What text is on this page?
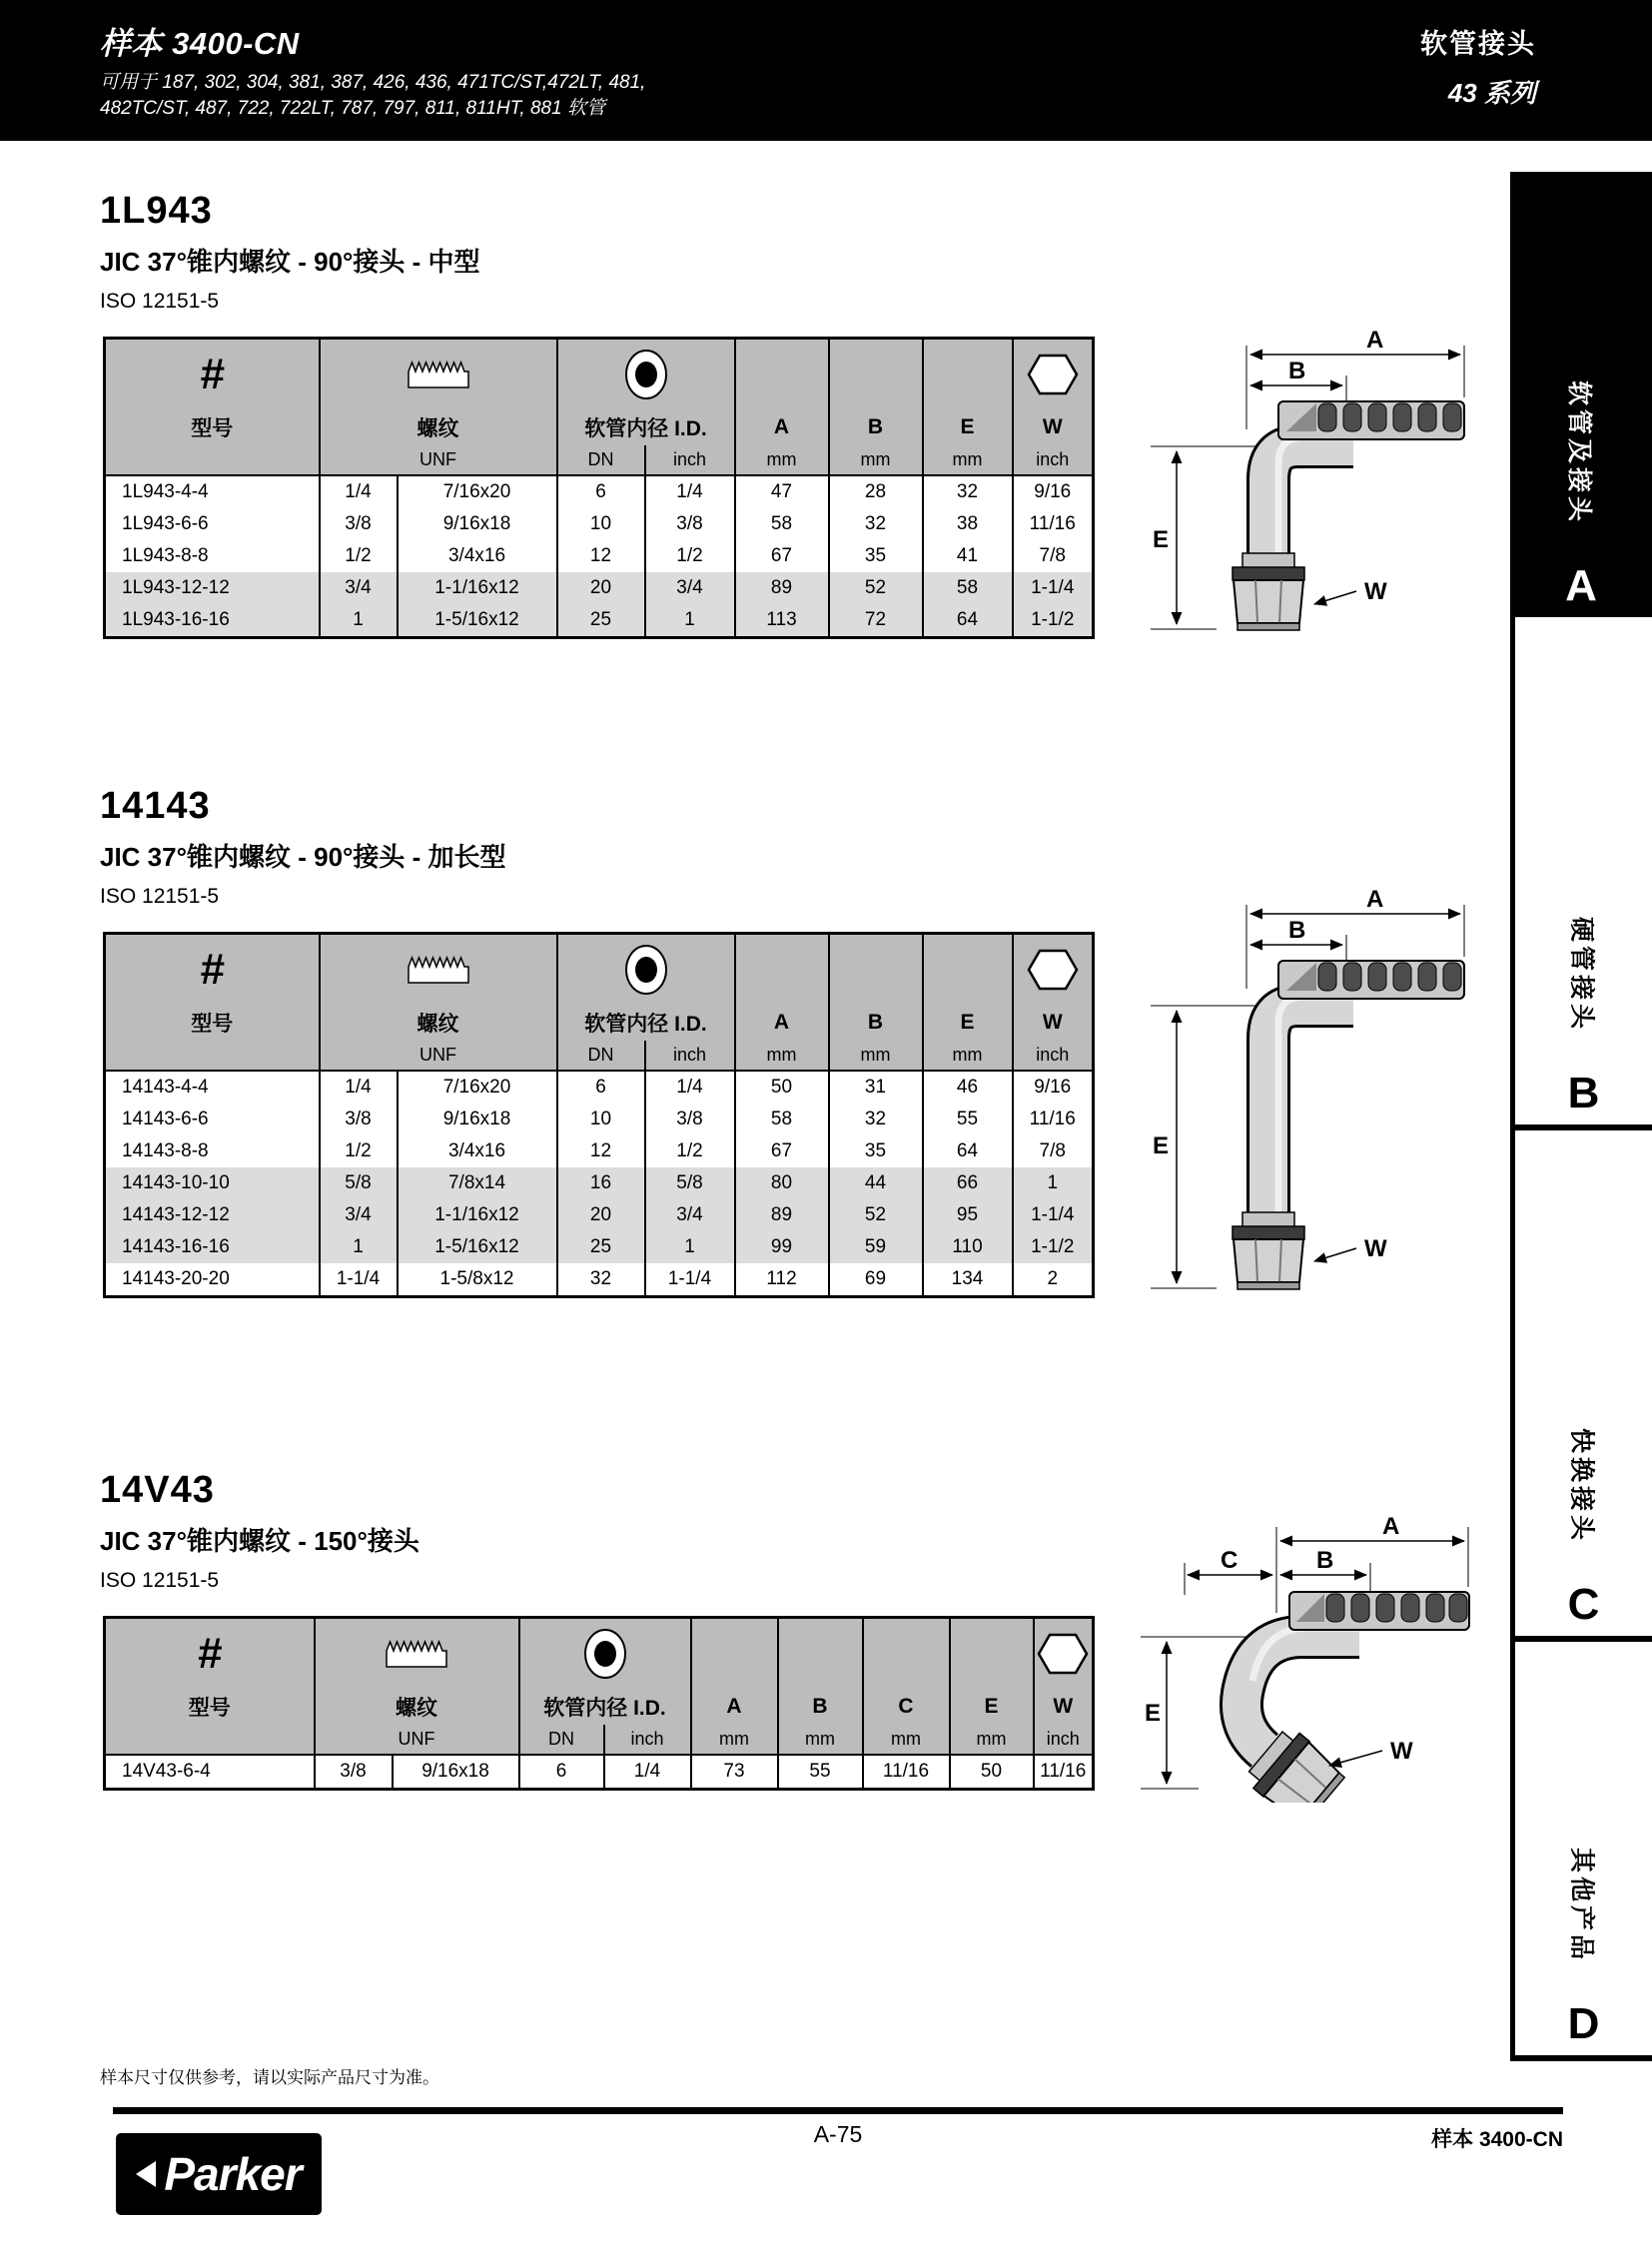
样本 3400-CN
可用于 187, 302, 304, 381, 387, 426, 436, 471TC/ST,472LT, 481,
482TC/ST, 487, 722, 722LT, 787, 797, 811, 811HT, 881 软管
软管接头
43 系列
1L943
JIC 37°锥内螺纹 - 90°接头 - 中型
ISO 12151-5
#	

型号	螺纹		软管内径 I.D.		A	B	E	W
	UNF		DN	inch	mm	mm	mm	inch
1L943-4-4	1/4	7/16x20	6	1/4	47	28	32	9/16
1L943-6-6	3/8	9/16x18	10	3/8	58	32	38	11/16
1L943-8-8	1/2	3/4x16	12	1/2	67	35	41	7/8
1L943-12-12	3/4	1-1/16x12	20	3/4	89	52	58	1-1/4
1L943-16-16	1	1-5/16x12	25	1	113	72	64	1-1/2
14143
JIC 37°锥内螺纹 - 90°接头 - 加长型
ISO 12151-5
#	

型号	螺纹		软管内径 I.D.		A	B	E	W
	UNF		DN	inch	mm	mm	mm	inch
14143-4-4	1/4	7/16x20	6	1/4	50	31	46	9/16
14143-6-6	3/8	9/16x18	10	3/8	58	32	55	11/16
14143-8-8	1/2	3/4x16	12	1/2	67	35	64	7/8
14143-10-10	5/8	7/8x14	16	5/8	80	44	66	1
14143-12-12	3/4	1-1/16x12	20	3/4	89	52	95	1-1/4
14143-16-16	1	1-5/16x12	25	1	99	59	110	1-1/2
14143-20-20	1-1/4	1-5/8x12	32	1-1/4	112	69	134	2
14V43
JIC 37°锥内螺纹 - 150°接头
ISO 12151-5
#	

型号	螺纹		软管内径 I.D.		A	B	C	E	W
	UNF		DN	inch	mm	mm	mm	mm	inch
14V43-6-4	3/8	9/16x18	6	1/4	73	55	11/16	50	11/16
E
A
B
W
E
A
B
W
E
A
B
C
W
软管及接头
A
硬管接头
B
快换接头
C
其他产品
D
样本尺寸仅供参考，请以实际产品尺寸为准。
A-75	样本 3400-CN
Parker
